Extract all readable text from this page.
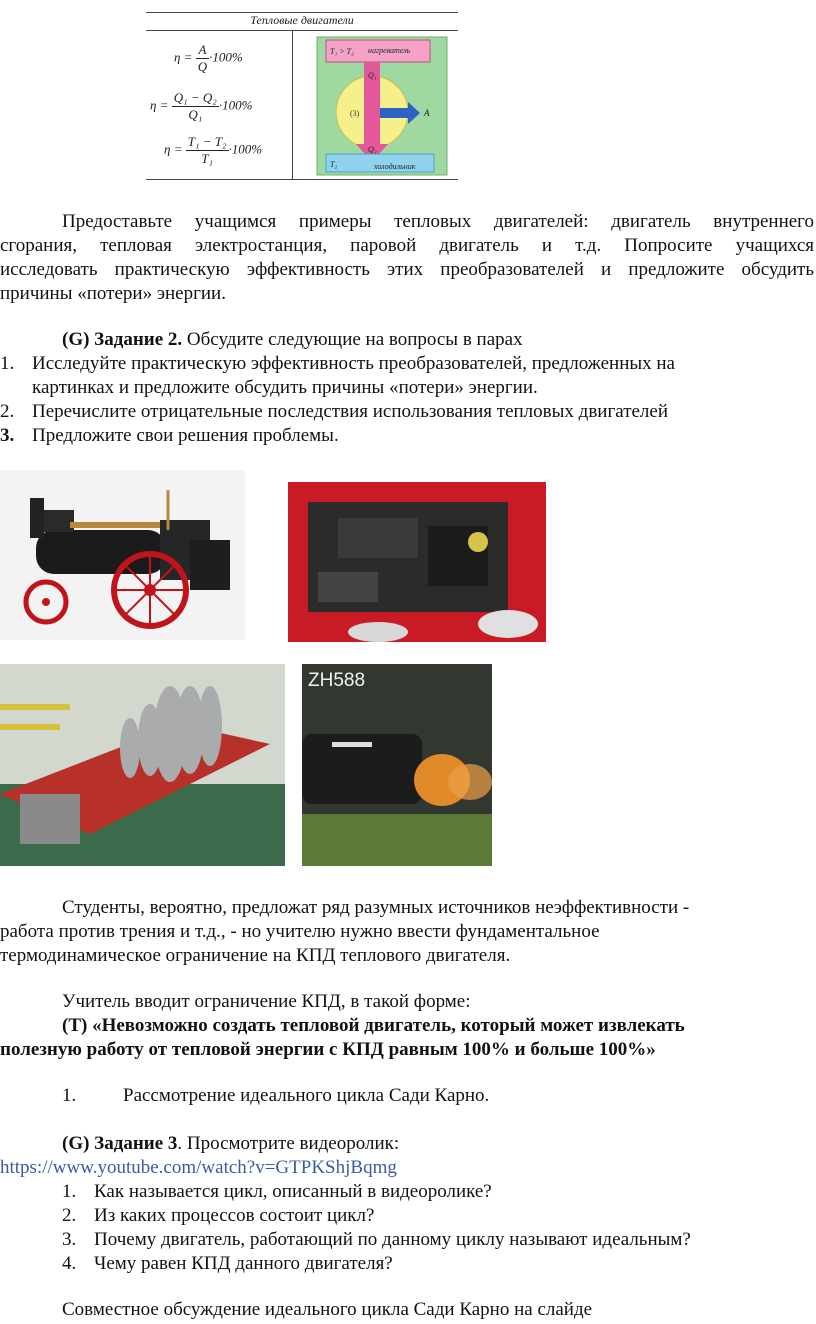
Тепловые двигатели
$\eta = \frac{A}{Q} \cdot 100\%$
$\eta = \frac{\text{Q₁ − Q₂}}{\text{Q₁}} \cdot 100\%$
$\eta = \frac{\text{T₁ − T₂}}{\text{T₁}} \cdot 100\%$
T₁ > T₂ нагреватель
(3)
Q₁
Q₂
A
T₂	холодильник
Предоставьте учащимся примеры тепловых двигателей: двигатель внутреннего
сгорания, тепловая электростанция, паровой двигатель и т.д. Попросите учащихся
исследовать практическую эффективность этих преобразователей и предложите обсудить
причины «потери» энергии.
(G) Задание 2. Обсудите следующие на вопросы в парах
1. Исследуйте практическую эффективность преобразователей, предложенных на
картинках и предложите обсудить причины «потери» энергии.
2. Перечислите отрицательные последствия использования тепловых двигателей
3. Предложите свои решения проблемы.
ZH588
Студенты, вероятно, предложат ряд разумных источников неэффективности -
работа против трения и т.д., - но учителю нужно ввести фундаментальное
термодинамическое ограничение на КПД теплового двигателя.
Учитель вводит ограничение КПД, в такой форме:
(T) «Невозможно создать тепловой двигатель, который может извлекать
полезную работу от тепловой энергии с КПД равным 100% и больше 100%»
1. Рассмотрение идеального цикла Сади Карно.
(G) Задание 3. Просмотрите видеоролик:
https://www.youtube.com/watch?v=GTPKShjBqmg
1. Как называется цикл, описанный в видеоролике?
2. Из каких процессов состоит цикл?
3. Почему двигатель, работающий по данному циклу называют идеальным?
4. Чему равен КПД данного двигателя?
Совместное обсуждение идеального цикла Сади Карно на слайде
